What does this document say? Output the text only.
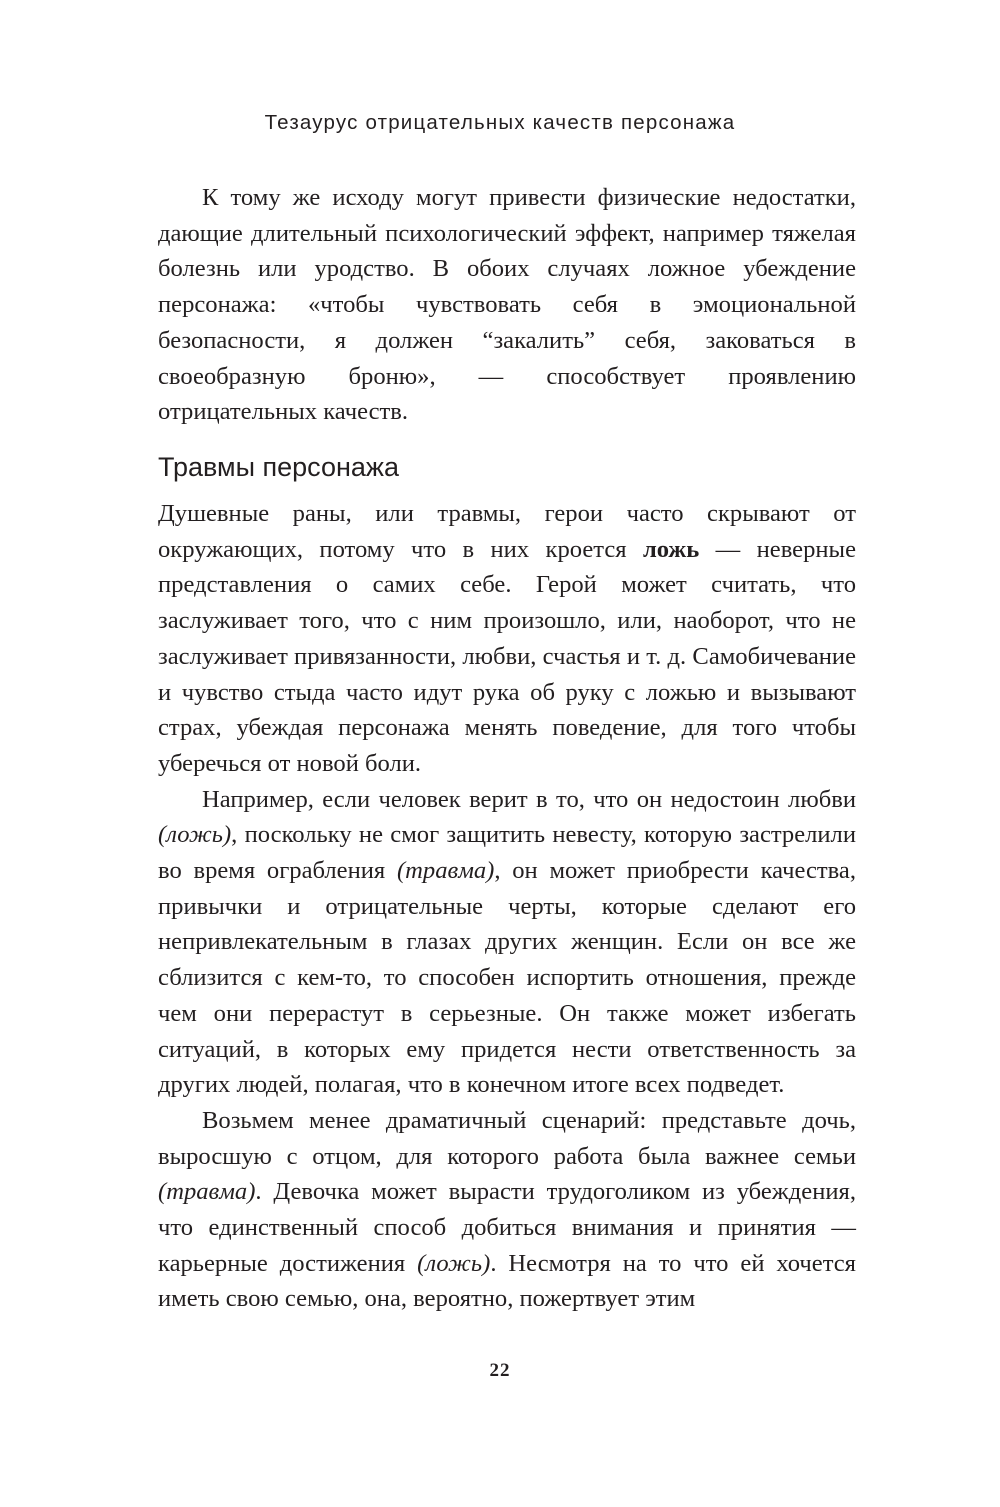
Тезаурус отрицательных качеств персонажа

К тому же исходу могут привести физические недостатки, дающие длительный психологический эффект, например тяжелая болезнь или уродство. В обоих случаях ложное убеждение персонажа: «чтобы чувствовать себя в эмоциональной безопасности, я должен “закалить” себя, заковаться в своеобразную броню», — способствует проявлению отрицательных качеств.

Травмы персонажа

Душевные раны, или травмы, герои часто скрывают от окружающих, потому что в них кроется ложь — неверные представления о самих себе. Герой может считать, что заслуживает того, что с ним произошло, или, наоборот, что не заслуживает привязанности, любви, счастья и т. д. Самобичевание и чувство стыда часто идут рука об руку с ложью и вызывают страх, убеждая персонажа менять поведение, для того чтобы уберечься от новой боли.

Например, если человек верит в то, что он недостоин любви (ложь), поскольку не смог защитить невесту, которую застрелили во время ограбления (травма), он может приобрести качества, привычки и отрицательные черты, которые сделают его непривлекательным в глазах других женщин. Если он все же сблизится с кем-то, то способен испортить отношения, прежде чем они перерастут в серьезные. Он также может избегать ситуаций, в которых ему придется нести ответственность за других людей, полагая, что в конечном итоге всех подведет.

Возьмем менее драматичный сценарий: представьте дочь, выросшую с отцом, для которого работа была важнее семьи (травма). Девочка может вырасти трудоголиком из убеждения, что единственный способ добиться внимания и принятия — карьерные достижения (ложь). Несмотря на то что ей хочется иметь свою семью, она, вероятно, пожертвует этим

22
